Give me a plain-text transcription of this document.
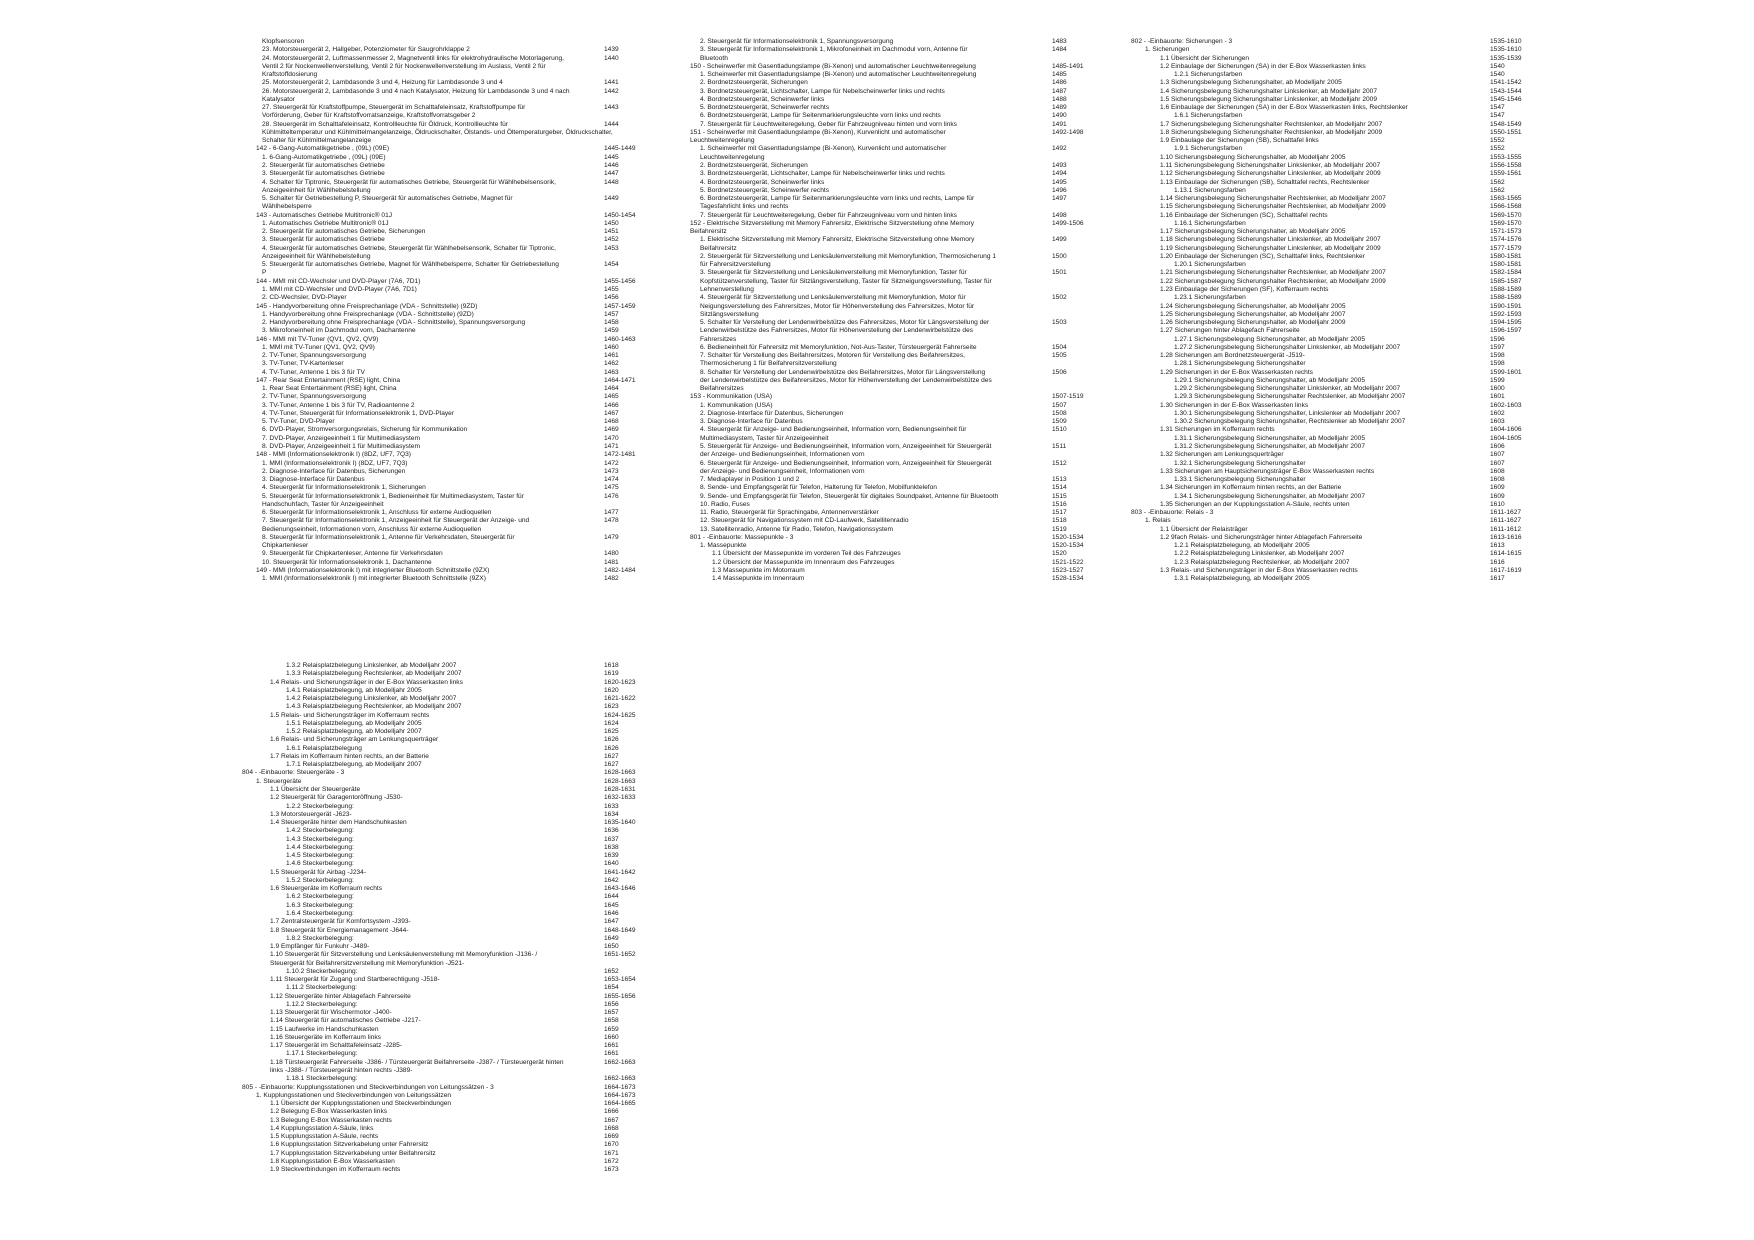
Klopfsensoren
23. Motorsteuergerät 2, Hallgeber, Potenziometer für Saugrohrklappe 2	1439
24. Motorsteuergerät 2, Luftmassenmesser 2, Magnetventil links für elektrohydraulische Motorlagerung,	1440
Ventil 2 für Nockenwellenverstellung, Ventil 2 für Nockenwellenverstellung im Auslass, Ventil 2 für
Kraftstoffdosierung
25. Motorsteuergerät 2, Lambdasonde 3 und 4, Heizung für Lambdasonde 3 und 4	1441
26. Motorsteuergerät 2, Lambdasonde 3 und 4 nach Katalysator, Heizung für Lambdasonde 3 und 4 nach	1442
Katalysator
27. Steuergerät für Kraftstoffpumpe, Steuergerät im Schalttafeleinsatz, Kraftstoffpumpe für	1443
Vorförderung, Geber für Kraftstoffvorratsanzeige, Kraftstoffvorratsgeber 2
28. Steuergerät im Schalttafeleinsatz, Kontrollleuchte für Öldruck, Kontrollleuchte für	1444
Kühlmitteltemperatur und Kühlmittelmangelanzeige, Öldruckschalter, Ölstands- und Öltemperaturgeber, Öldruckschalter,
Schalter für Kühlmittelmangelanzeige
142 - 6-Gang-Automatikgetriebe , (09L) (09E)	1445-1449
1. 6-Gang-Automatikgetriebe , (09L) (09E)	1445
2. Steuergerät für automatisches Getriebe	1446
3. Steuergerät für automatisches Getriebe	1447
4. Schalter für Tiptronic, Steuergerät für automatisches Getriebe, Steuergerät für Wählhebelsensorik,	1448
Anzeigeeinheit für Wählhebelstellung
5. Schalter für Getriebestellung P, Steuergerät für automatisches Getriebe, Magnet für	1449
Wählhebelsperre
143 - Automatisches Getriebe Multitronic® 01J	1450-1454
1. Automatisches Getriebe Multitronic® 01J	1450
2. Steuergerät für automatisches Getriebe, Sicherungen	1451
3. Steuergerät für automatisches Getriebe	1452
4. Steuergerät für automatisches Getriebe, Steuergerät für Wählhebelsensorik, Schalter für Tiptronic,	1453
Anzeigeeinheit für Wählhebelstellung
5. Steuergerät für automatisches Getriebe, Magnet für Wählhebelsperre, Schalter für Getriebestellung	1454
P
144 - MMI mit CD-Wechsler und DVD-Player (7A6, 7D1)	1455-1456
1. MMI mit CD-Wechsler und DVD-Player (7A6, 7D1)	1455
2. CD-Wechsler, DVD-Player	1456
145 - Handyvorbereitung ohne Freisprechanlage (VDA - Schnittstelle) (9ZD)	1457-1459
1. Handyvorbereitung ohne Freisprechanlage (VDA - Schnittstelle) (9ZD)	1457
2. Handyvorbereitung ohne Freisprechanlage (VDA - Schnittstelle), Spannungsversorgung	1458
3. Mikrofoneinheit im Dachmodul vorn, Dachantenne	1459
146 - MMI mit TV-Tuner (QV1, QV2, QV9)	1460-1463
1. MMI mit TV-Tuner (QV1, QV2, QV9)	1460
2. TV-Tuner, Spannungsversorgung	1461
3. TV-Tuner, TV-Kartenleser	1462
4. TV-Tuner, Antenne 1 bis 3 für TV	1463
147 - Rear Seat Entertainment (RSE) light, China	1464-1471
1. Rear Seat Entertainment (RSE) light, China	1464
2. TV-Tuner, Spannungsversorgung	1465
3. TV-Tuner, Antenne 1 bis 3 für TV, Radioantenne 2	1466
4. TV-Tuner, Steuergerät für Informationselektronik 1, DVD-Player	1467
5. TV-Tuner, DVD-Player	1468
6. DVD-Player, Stromversorgungsrelais, Sicherung für Kommunikation	1469
7. DVD-Player, Anzeigeeinheit 1 für Multimediasystem	1470
8. DVD-Player, Anzeigeeinheit 1 für Multimediasystem	1471
148 - MMI (Informationselektronik I) (8DZ, UF7, 7Q3)	1472-1481
1. MMI (Informationselektronik I) (8DZ, UF7, 7Q3)	1472
2. Diagnose-Interface für Datenbus, Sicherungen	1473
3. Diagnose-Interface für Datenbus	1474
4. Steuergerät für Informationselektronik 1, Sicherungen	1475
5. Steuergerät für Informationselektronik 1, Bedieneinheit für Multimediasystem, Taster für	1476
Handschuhfach, Taster für Anzeigeeinheit
6. Steuergerät für Informationselektronik 1, Anschluss für externe Audioquellen	1477
7. Steuergerät für Informationselektronik 1, Anzeigeeinheit für Steuergerät der Anzeige- und	1478
Bedienungseinheit, Informationen vorn, Anschluss für externe Audioquellen
8. Steuergerät für Informationselektronik 1, Antenne für Verkehrsdaten, Steuergerät für	1479
Chipkartenleser
9. Steuergerät für Chipkartenleser, Antenne für Verkehrsdaten	1480
10. Steuergerät für Informationselektronik 1, Dachantenne	1481
149 - MMI (Informationselektronik I) mit integrierter Bluetooth Schnittstelle (9ZX)	1482-1484
1. MMI (Informationselektronik I) mit integrierter Bluetooth Schnittstelle (9ZX)	1482
2. Steuergerät für Informationselektronik 1, Spannungsversorgung	1483
3. Steuergerät für Informationselektronik 1, Mikrofoneinheit im Dachmodul vorn, Antenne für	1484
Bluetooth
150 - Scheinwerfer mit Gasentladungslampe (Bi-Xenon) und automatischer Leuchtweitenregelung	1485-1491
1. Scheinwerfer mit Gasentladungslampe (Bi-Xenon) und automatischer Leuchtweitenregelung	1485
2. Bordnetzsteuergerät, Sicherungen	1486
3. Bordnetzsteuergerät, Lichtschalter, Lampe für Nebelscheinwerfer links und rechts	1487
4. Bordnetzsteuergerät, Scheinwerfer links	1488
5. Bordnetzsteuergerät, Scheinwerfer rechts	1489
6. Bordnetzsteuergerät, Lampe für Seitenmarkierungsleuchte vorn links und rechts	1490
7. Steuergerät für Leuchtweiteregelung, Geber für Fahrzeugniveau hinten und vorn links	1491
151 - Scheinwerfer mit Gasentladungslampe (Bi-Xenon), Kurvenlicht und automatischer	1492-1498
Leuchtweitenregelung
1. Scheinwerfer mit Gasentladungslampe (Bi-Xenon), Kurvenlicht und automatischer	1492
Leuchtweitenregelung
2. Bordnetzsteuergerät, Sicherungen	1493
3. Bordnetzsteuergerät, Lichtschalter, Lampe für Nebelscheinwerfer links und rechts	1494
4. Bordnetzsteuergerät, Scheinwerfer links	1495
5. Bordnetzsteuergerät, Scheinwerfer rechts	1496
6. Bordnetzsteuergerät, Lampe für Seitenmarkierungsleuchte vorn links und rechts, Lampe für	1497
Tagesfahrlicht links und rechts
7. Steuergerät für Leuchtweiteregelung, Geber für Fahrzeugniveau vorn und hinten links	1498
152 - Elektrische Sitzverstellung mit Memory Fahrersitz, Elektrische Sitzverstellung ohne Memory	1499-1506
Beifahrersitz
1. Elektrische Sitzverstellung mit Memory Fahrersitz, Elektrische Sitzverstellung ohne Memory	1499
Beifahrersitz
2. Steuergerät für Sitzverstellung und Lenksäulenverstellung mit Memoryfunktion, Thermosicherung 1	1500
für Fahrersitzverstellung
3. Steuergerät für Sitzverstellung und Lenksäulenverstellung mit Memoryfunktion, Taster für	1501
Kopfstützenverstellung, Taster für Sitzlängsverstellung, Taster für Sitzneigungsverstellung, Taster für
Lehnenverstellung
4. Steuergerät für Sitzverstellung und Lenksäulenverstellung mit Memoryfunktion, Motor für	1502
Neigungsverstellung des Fahrersitzes, Motor für Höhenverstellung des Fahrersitzes, Motor für
Sitzlängsverstellung
5. Schalter für Verstellung der Lendenwirbelstütze des Fahrersitzes, Motor für Längsverstellung der	1503
Lendenwirbelstütze des Fahrersitzes, Motor für Höhenverstellung der Lendenwirbelstütze des
Fahrersitzes
6. Bedieneinheit für Fahrersitz mit Memoryfunktion, Not-Aus-Taster, Türsteuergerät Fahrerseite	1504
7. Schalter für Verstellung des Beifahrersitzes, Motoren für Verstellung des Beifahrersitzes,	1505
Thermosicherung 1 für Beifahrersitzverstellung
8. Schalter für Verstellung der Lendenwirbelstütze des Beifahrersitzes, Motor für Längsverstellung	1506
der Lendenwirbelstütze des Beifahrersitzes, Motor für Höhenverstellung der Lendenwirbelstütze des
Beifahrersitzes
153 - Kommunikation (USA)	1507-1519
1. Kommunikation (USA)	1507
2. Diagnose-Interface für Datenbus, Sicherungen	1508
3. Diagnose-Interface für Datenbus	1509
4. Steuergerät für Anzeige- und Bedienungseinheit, Information vorn, Bedienungseinheit für	1510
Multimediasystem, Taster für Anzeigeeinheit
5. Steuergerät für Anzeige- und Bedienungseinheit, Information vorn, Anzeigeeinheit für Steuergerät	1511
der Anzeige- und Bedienungseinheit, Informationen vorn
6. Steuergerät für Anzeige- und Bedienungseinheit, Information vorn, Anzeigeeinheit für Steuergerät	1512
der Anzeige- und Bedienungseinheit, Informationen vorn
7. Mediaplayer in Position 1 und 2	1513
8. Sende- und Empfangsgerät für Telefon, Halterung für Telefon, Mobilfunktelefon	1514
9. Sende- und Empfangsgerät für Telefon, Steuergerät für digitales Soundpaket, Antenne für Bluetooth	1515
10. Radio, Fuses	1516
11. Radio, Steuergerät für Sprachingabe, Antennenverstärker	1517
12. Steuergerät für Navigationssystem mit CD-Laufwerk, Satellitenradio	1518
13. Satellitenradio, Antenne für Radio, Telefon, Navigationssystem	1519
801 - -Einbauorte: Massepunkte - 3	1520-1534
1. Massepunkte	1520-1534
1.1 Übersicht der Massepunkte im vorderen Teil des Fahrzeuges	1520
1.2 Übersicht der Massepunkte im Innenraum des Fahrzeuges	1521-1522
1.3 Massepunkte im Motorraum	1523-1527
1.4 Massepunkte im Innenraum	1528-1534
802 - -Einbauorte: Sicherungen - 3	1535-1610
1. Sicherungen	1535-1610
1.1 Übersicht der Sicherungen	1535-1539
1.2 Einbaulage der Sicherungen (SA) in der E-Box Wasserkasten links	1540
1.2.1 Sicherungsfarben	1540
1.3 Sicherungsbelegung Sicherungshalter, ab Modelljahr 2005	1541-1542
1.4 Sicherungsbelegung Sicherungshalter Linkslenker, ab Modelljahr 2007	1543-1544
1.5 Sicherungsbelegung Sicherungshalter Linkslenker, ab Modelljahr 2009	1545-1546
1.6 Einbaulage der Sicherungen (SA) in der E-Box Wasserkasten links, Rechtslenker	1547
1.6.1 Sicherungsfarben	1547
1.7 Sicherungsbelegung Sicherungshalter Rechtslenker, ab Modelljahr 2007	1548-1549
1.8 Sicherungsbelegung Sicherungshalter Rechtslenker, ab Modelljahr 2009	1550-1551
1.9 Einbaulage der Sicherungen (SB), Schalttafel links	1552
1.9.1 Sicherungsfarben	1552
1.10 Sicherungsbelegung Sicherungshalter, ab Modelljahr 2005	1553-1555
1.11 Sicherungsbelegung Sicherungshalter Linkslenker, ab Modelljahr 2007	1556-1558
1.12 Sicherungsbelegung Sicherungshalter Linkslenker, ab Modelljahr 2009	1559-1561
1.13 Einbaulage der Sicherungen (SB), Schalttafel rechts, Rechtslenker	1562
1.13.1 Sicherungsfarben	1562
1.14 Sicherungsbelegung Sicherungshalter Rechtslenker, ab Modelljahr 2007	1563-1565
1.15 Sicherungsbelegung Sicherungshalter Rechtslenker, ab Modelljahr 2009	1566-1568
1.16 Einbaulage der Sicherungen (SC), Schalttafel rechts	1569-1570
1.16.1 Sicherungsfarben	1569-1570
1.17 Sicherungsbelegung Sicherungshalter, ab Modelljahr 2005	1571-1573
1.18 Sicherungsbelegung Sicherungshalter Linkslenker, ab Modelljahr 2007	1574-1576
1.19 Sicherungsbelegung Sicherungshalter Linkslenker, ab Modelljahr 2009	1577-1579
1.20 Einbaulage der Sicherungen (SC), Schalttafel links, Rechtslenker	1580-1581
1.20.1 Sicherungsfarben	1580-1581
1.21 Sicherungsbelegung Sicherungshalter Rechtslenker, ab Modelljahr 2007	1582-1584
1.22 Sicherungsbelegung Sicherungshalter Rechtslenker, ab Modelljahr 2009	1585-1587
1.23 Einbaulage der Sicherungen (SF), Kofferraum rechts	1588-1589
1.23.1 Sicherungsfarben	1588-1589
1.24 Sicherungsbelegung Sicherungshalter, ab Modelljahr 2005	1590-1591
1.25 Sicherungsbelegung Sicherungshalter, ab Modelljahr 2007	1592-1593
1.26 Sicherungsbelegung Sicherungshalter, ab Modelljahr 2009	1594-1595
1.27 Sicherungen hinter Ablagefach Fahrerseite	1596-1597
1.27.1 Sicherungsbelegung Sicherungshalter, ab Modelljahr 2005	1596
1.27.2 Sicherungsbelegung Sicherungshalter Linkslenker, ab Modelljahr 2007	1597
1.28 Sicherungen am Bordnetzsteuergerät -J519-	1598
1.28.1 Sicherungsbelegung Sicherungshalter	1598
1.29 Sicherungen in der E-Box Wasserkasten rechts	1599-1601
1.29.1 Sicherungsbelegung Sicherungshalter, ab Modelljahr 2005	1599
1.29.2 Sicherungsbelegung Sicherungshalter Linkslenker, ab Modelljahr 2007	1600
1.29.3 Sicherungsbelegung Sicherungshalter Rechtslenker, ab Modelljahr 2007	1601
1.30 Sicherungen in der E-Box Wasserkasten links	1602-1603
1.30.1 Sicherungsbelegung Sicherungshalter, Linkslenker ab Modelljahr 2007	1602
1.30.2 Sicherungsbelegung Sicherungshalter, Rechtslenker ab Modelljahr 2007	1603
1.31 Sicherungen im Kofferraum rechts	1604-1606
1.31.1 Sicherungsbelegung Sicherungshalter, ab Modelljahr 2005	1604-1605
1.31.2 Sicherungsbelegung Sicherungshalter, ab Modelljahr 2007	1606
1.32 Sicherungen am Lenkungsquerträger	1607
1.32.1 Sicherungsbelegung Sicherungshalter	1607
1.33 Sicherungen am Hauptsicherungsträger E-Box Wasserkasten rechts	1608
1.33.1 Sicherungsbelegung Sicherungshalter	1608
1.34 Sicherungen im Kofferraum hinten rechts, an der Batterie	1609
1.34.1 Sicherungsbelegung Sicherungshalter, ab Modelljahr 2007	1609
1.35 Sicherungen an der Kupplungsstation A-Säule, rechts unten	1610
803 - -Einbauorte: Relais - 3	1611-1627
1. Relais	1611-1627
1.1 Übersicht der Relaisträger	1611-1612
1.2 9fach Relais- und Sicherungsträger hinter Ablagefach Fahrerseite	1613-1616
1.2.1 Relaisplatzbelegung, ab Modelljahr 2005	1613
1.2.2 Relaisplatzbelegung Linkslenker, ab Modelljahr 2007	1614-1615
1.2.3 Relaisplatzbelegung Rechtslenker, ab Modelljahr 2007	1616
1.3 Relais- und Sicherungsträger in der E-Box Wasserkasten rechts	1617-1619
1.3.1 Relaisplatzbelegung, ab Modelljahr 2005	1617
1.3.2 Relaisplatzbelegung Linkslenker, ab Modelljahr 2007	1618
1.3.3 Relaisplatzbelegung Rechtslenker, ab Modelljahr 2007	1619
1.4 Relais- und Sicherungsträger in der E-Box Wasserkasten links	1620-1623
1.4.1 Relaisplatzbelegung, ab Modelljahr 2005	1620
1.4.2 Relaisplatzbelegung Linkslenker, ab Modelljahr 2007	1621-1622
1.4.3 Relaisplatzbelegung Rechtslenker, ab Modelljahr 2007	1623
1.5 Relais- und Sicherungsträger im Kofferraum rechts	1624-1625
1.5.1 Relaisplatzbelegung, ab Modelljahr 2005	1624
1.5.2 Relaisplatzbelegung, ab Modelljahr 2007	1625
1.6 Relais- und Sicherungsträger am Lenkungsquerträger	1626
1.6.1 Relaisplatzbelegung	1626
1.7 Relais im Kofferraum hinten rechts, an der Batterie	1627
1.7.1 Relaisplatzbelegung, ab Modelljahr 2007	1627
804 - -Einbauorte: Steuergeräte - 3	1628-1663
1. Steuergeräte	1628-1663
1.1 Übersicht der Steuergeräte	1628-1631
1.2 Steuergerät für Garagentoröffnung -J530-	1632-1633
1.2.2 Steckerbelegung:	1633
1.3 Motorsteuergerät -J623-	1634
1.4 Steuergeräte hinter dem Handschuhkasten	1635-1640
1.4.2 Steckerbelegung:	1636
1.4.3 Steckerbelegung:	1637
1.4.4 Steckerbelegung:	1638
1.4.5 Steckerbelegung:	1639
1.4.6 Steckerbelegung:	1640
1.5 Steuergerät für Airbag -J234-	1641-1642
1.5.2 Steckerbelegung:	1642
1.6 Steuergeräte im Kofferraum rechts	1643-1646
1.6.2 Steckerbelegung:	1644
1.6.3 Steckerbelegung:	1645
1.6.4 Steckerbelegung:	1646
1.7 Zentralsteuergerät für Komfortsystem -J393-	1647
1.8 Steuergerät für Energiemanagement -J644-	1648-1649
1.8.2 Steckerbelegung:	1649
1.9 Empfänger für Funkuhr -J489-	1650
1.10 Steuergerät für Sitzverstellung und Lenksäulenverstellung mit Memoryfunktion -J136- /	1651-1652
Steuergerät für Beifahrersitzverstellung mit Memoryfunktion -J521-
1.10.2 Steckerbelegung:	1652
1.11 Steuergerät für Zugang und Startberechtigung -J518-	1653-1654
1.11.2 Steckerbelegung:	1654
1.12 Steuergeräte hinter Ablagefach Fahrerseite	1655-1656
1.12.2 Steckerbelegung:	1656
1.13 Steuergerät für Wischermotor -J400-	1657
1.14 Steuergerät für automatisches Getriebe -J217-	1658
1.15 Laufwerke im Handschuhkasten	1659
1.16 Steuergeräte im Kofferraum links	1660
1.17 Steuergerät im Schalttafeleinsatz -J285-	1661
1.17.1 Steckerbelegung:	1661
1.18 Türsteuergerät Fahrerseite -J386- / Türsteuergerät Beifahrerseite -J387- / Türsteuergerät hinten	1662-1663
links -J388- / Türsteuergerät hinten rechts -J389-
1.18.1 Steckerbelegung:	1662-1663
805 - -Einbauorte: Kupplungsstationen und Steckverbindungen von Leitungssätzen - 3	1664-1673
1. Kupplungsstationen und Steckverbindungen von Leitungssätzen	1664-1673
1.1 Übersicht der Kupplungsstationen und Steckverbindungen	1664-1665
1.2 Belegung E-Box Wasserkasten links	1666
1.3 Belegung E-Box Wasserkasten rechts	1667
1.4 Kupplungsstation A-Säule, links	1668
1.5 Kupplungsstation A-Säule, rechts	1669
1.6 Kupplungsstation Sitzverkabelung unter Fahrersitz	1670
1.7 Kupplungsstation Sitzverkabelung unter Beifahrersitz	1671
1.8 Kupplungsstation E-Box Wasserkasten	1672
1.9 Steckverbindungen im Kofferraum rechts	1673
